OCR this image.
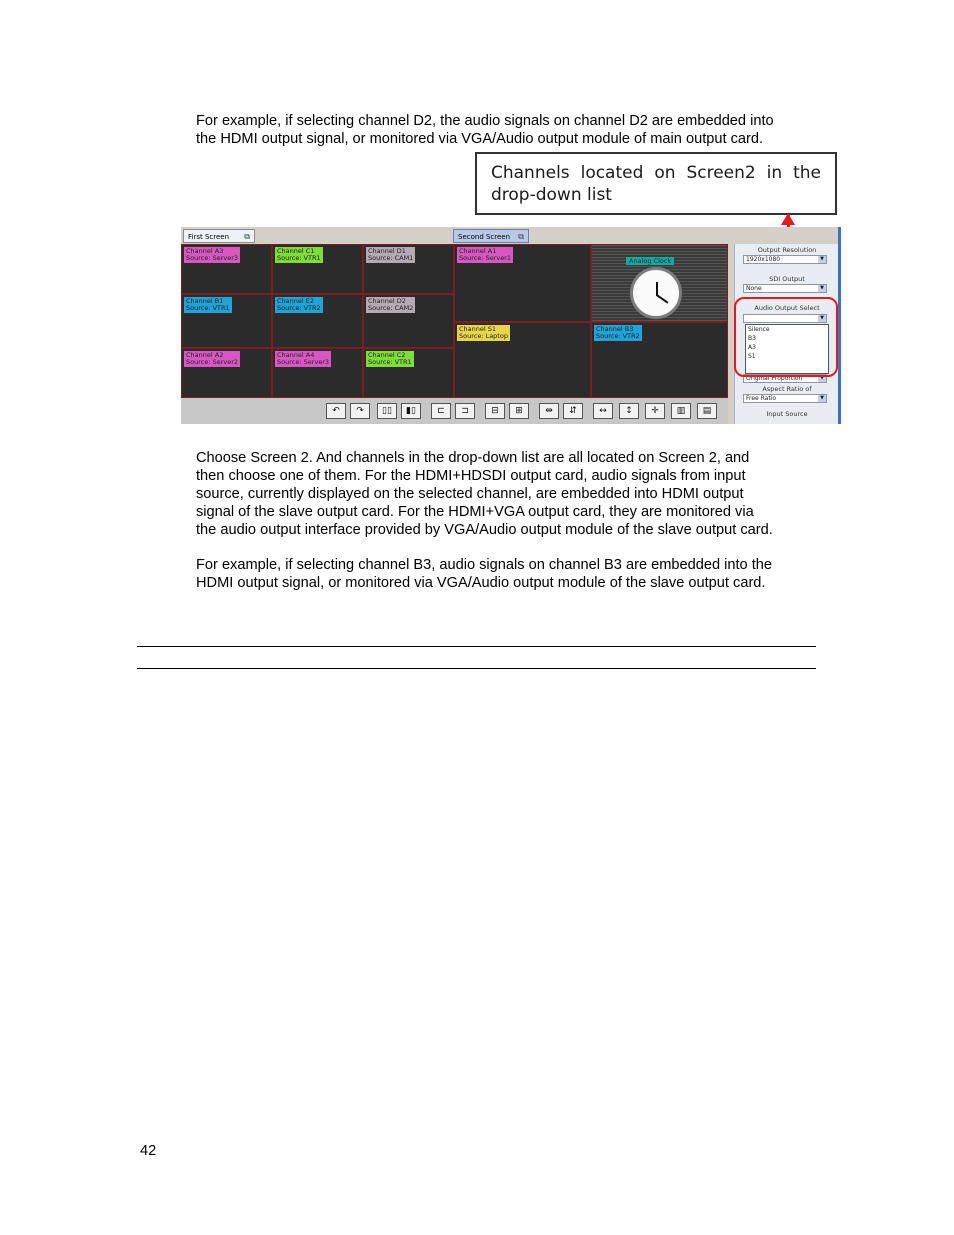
For example, if selecting channel D2, the audio signals on channel D2 are embedded into
the HDMI output signal, or monitored via VGA/Audio output module of main output card.
Channels located on Screen2 in the
drop-down list
First Screen ⧉	Second Screen ⧉
Channel A3
Source: Server3
Channel C1
Source: VTR1
Channel D1
Source: CAM1
Channel B1
Source: VTR1
Channel E2
Source: VTR2
Channel D2
Source: CAM2
Channel A2
Source: Server2
Channel A4
Source: Server3
Channel C2
Source: VTR1
Channel A1
Source: Server1	Analog Clock
Channel S1
Source: Laptop
Channel B3
Source: VTR2
↶	↷	▯▯	▮▯	⊏	⊐	⊟	⊞	⇹	⇵	↔	↕	✛	▥	▤
Output Resolution
1920x1080	▼
SDI Output
None	▼
Audio Output Select
▼
Silence
B3
A3
S1
Original Proportion	▼
Aspect Ratio of
Free Ratio	▼
Input Source
Choose Screen 2. And channels in the drop-down list are all located on Screen 2, and
then choose one of them. For the HDMI+HDSDI output card, audio signals from input
source, currently displayed on the selected channel, are embedded into HDMI output
signal of the slave output card. For the HDMI+VGA output card, they are monitored via
the audio output interface provided by VGA/Audio output module of the slave output card.
For example, if selecting channel B3, audio signals on channel B3 are embedded into the
HDMI output signal, or monitored via VGA/Audio output module of the slave output card.
42
